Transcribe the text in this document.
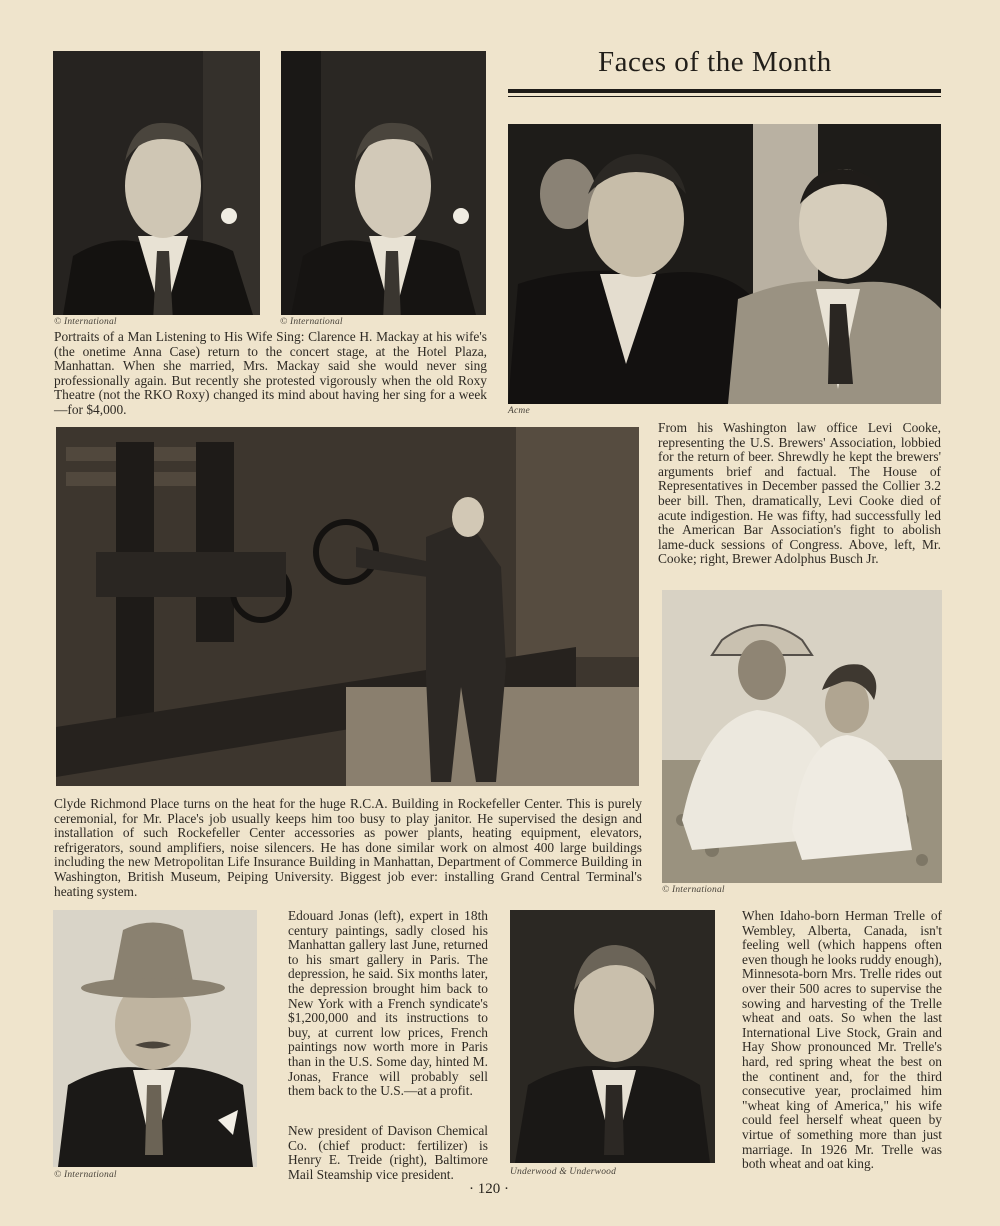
Faces of the Month
© International	© International
Portraits of a Man Listening to His Wife Sing: Clarence H. Mackay at his wife's (the onetime Anna Case) return to the concert stage, at the Hotel Plaza, Manhattan. When she married, Mrs. Mackay said she would never sing professionally again. But recently she protested vigorously when the old Roxy Theatre (not the RKO Roxy) changed its mind about having her sing for a week—for $4,000.	Acme
From his Washington law office Levi Cooke, representing the U.S. Brewers' Association, lobbied for the return of beer. Shrewdly he kept the brewers' arguments brief and factual. The House of Representatives in December passed the Collier 3.2 beer bill. Then, dramatically, Levi Cooke died of acute indigestion. He was fifty, had successfully led the American Bar Association's fight to abolish lame-duck sessions of Congress. Above, left, Mr. Cooke; right, Brewer Adolphus Busch Jr.
Clyde Richmond Place turns on the heat for the huge R.C.A. Building in Rockefeller Center. This is purely ceremonial, for Mr. Place's job usually keeps him too busy to play janitor. He supervised the design and installation of such Rockefeller Center accessories as power plants, heating equipment, elevators, refrigerators, sound amplifiers, noise silencers. He has done similar work on almost 400 large buildings including the new Metropolitan Life Insurance Building in Manhattan, Department of Commerce Building in Washington, British Museum, Peiping University. Biggest job ever: installing Grand Central Terminal's heating system.	© International
© International
Edouard Jonas (left), expert in 18th century paintings, sadly closed his Manhattan gallery last June, returned to his smart gallery in Paris. The depression, he said. Six months later, the depression brought him back to New York with a French syndicate's $1,200,000 and its instructions to buy, at current low prices, French paintings now worth more in Paris than in the U.S. Some day, hinted M. Jonas, France will probably sell them back to the U.S.—at a profit.
New president of Davison Chemical Co. (chief product: fertilizer) is Henry E. Treide (right), Baltimore Mail Steamship vice president.	Underwood & Underwood
When Idaho-born Herman Trelle of Wembley, Alberta, Canada, isn't feeling well (which happens often even though he looks ruddy enough), Minnesota-born Mrs. Trelle rides out over their 500 acres to supervise the sowing and harvesting of the Trelle wheat and oats. So when the last International Live Stock, Grain and Hay Show pronounced Mr. Trelle's hard, red spring wheat the best on the continent and, for the third consecutive year, proclaimed him "wheat king of America," his wife could feel herself wheat queen by virtue of something more than just marriage. In 1926 Mr. Trelle was both wheat and oat king.
· 120 ·
